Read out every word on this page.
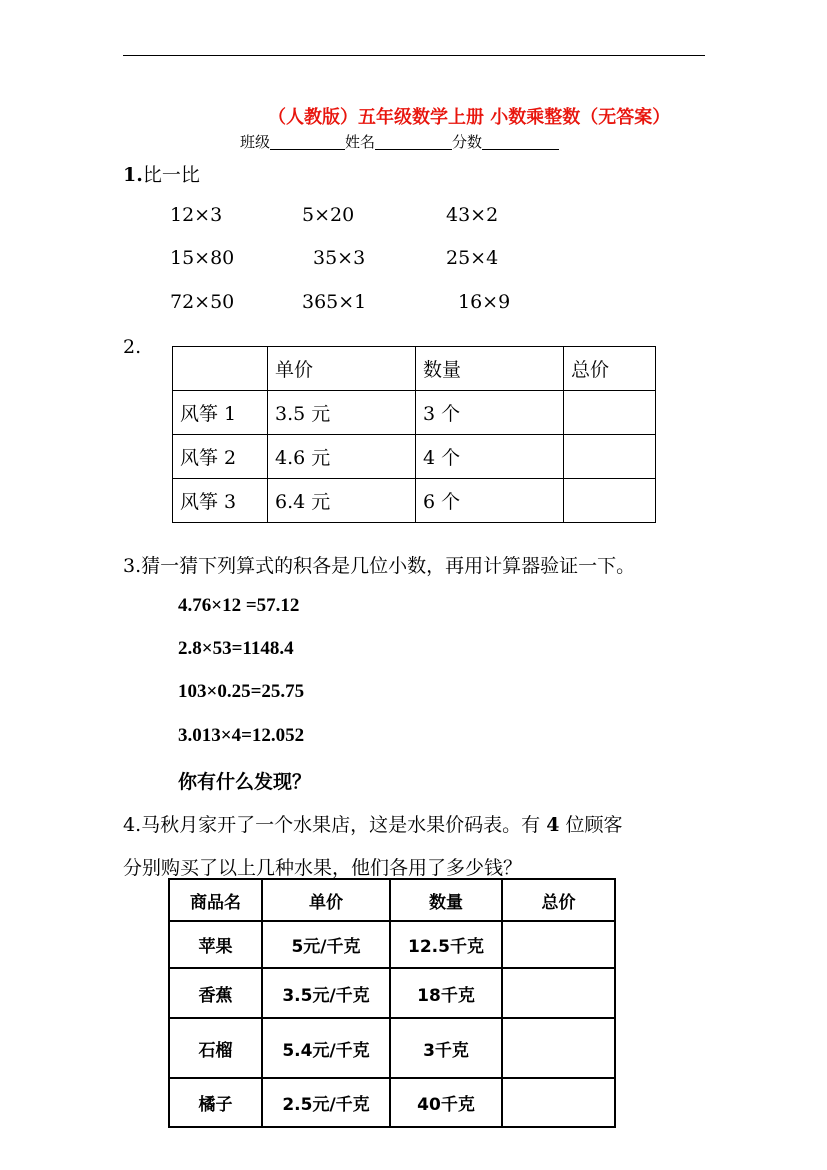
（人教版）五年级数学上册 小数乘整数（无答案）
班级	姓名	分数
1.比一比
12×3	5×20	43×2
15×80	35×3	25×4
72×50	365×1	16×9
2.
	单价	数量	总价
风筝 1	3.5 元	3 个	
风筝 2	4.6 元	4 个	
风筝 3	6.4 元	6 个	
3.猜一猜下列算式的积各是几位小数，再用计算器验证一下。
4.76×12 =57.12
2.8×53=1148.4
103×0.25=25.75
3.013×4=12.052
你有什么发现？
4.马秋月家开了一个水果店，这是水果价码表。有 4 位顾客
分别购买了以上几种水果，他们各用了多少钱？
商品名	单价	数量	总价
苹果	5元/千克	12.5千克	
香蕉	3.5元/千克	18千克	
石榴	5.4元/千克	3千克	
橘子	2.5元/千克	40千克	
